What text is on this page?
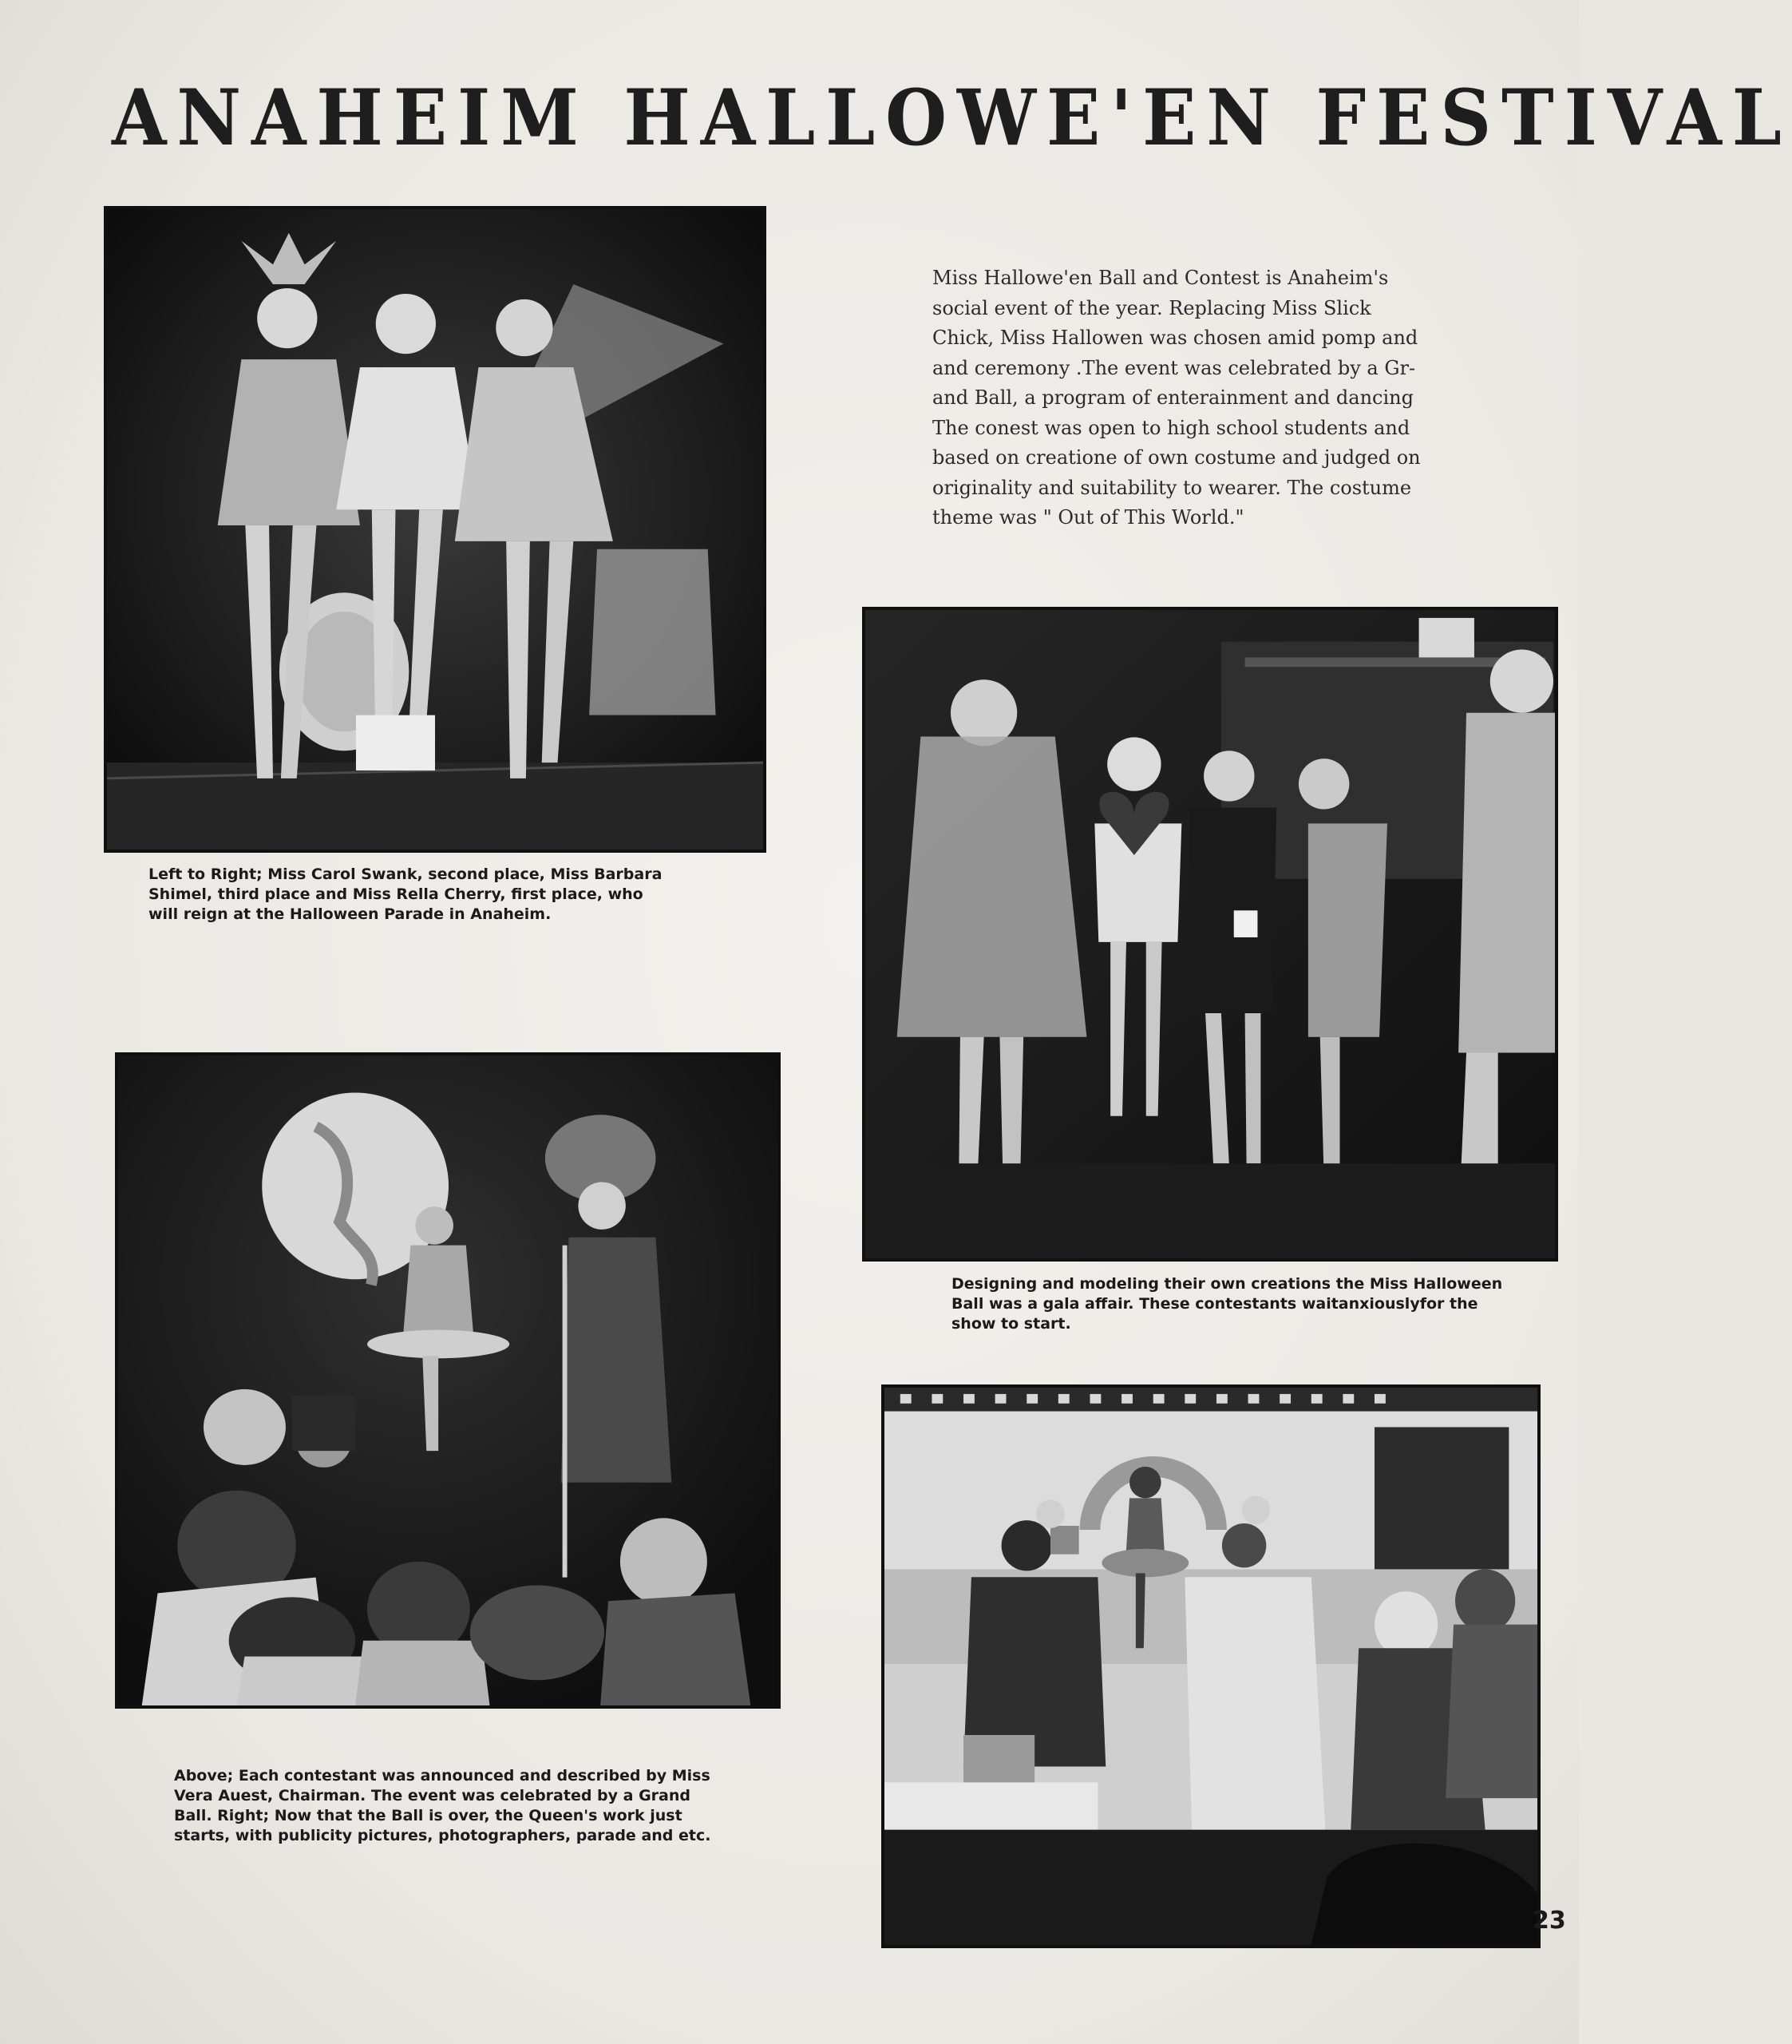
ANAHEIM HALLOWE'EN FESTIVAL

Left to Right; Miss Carol Swank, second place, Miss Barbara

Shimel, third place and Miss Rella Cherry, first place, who

will reign at the Halloween Parade in Anaheim.

Miss Hallowe'en Ball and Contest is Anaheim's

social event of the year. Replacing Miss Slick

Chick, Miss Hallowen was chosen amid pomp and

and ceremony .The event was celebrated by a Gr-

and Ball, a program of enterainment and dancing

The conest was open to high school students and

based on creatione of own costume and judged on

originality and suitability to wearer. The costume

theme was " Out of This World."

Designing and modeling their own creations the Miss Halloween

Ball was a gala affair. These contestants waitanxiouslyfor the

show to start.

Above; Each contestant was announced and described by Miss

Vera Auest, Chairman. The event was celebrated by a Grand

Ball. Right; Now that the Ball is over, the Queen's work just

starts, with publicity pictures, photographers, parade and etc.

23
